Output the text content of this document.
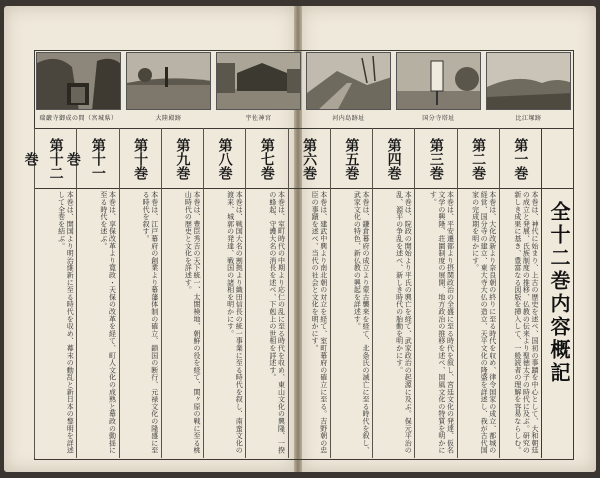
瑞巌寺御成の間（宮城県）	大陸殿跡	宇佐神宮	河内島跡址	国分寺塔址	比江塚跡
全十二巻内容概記
第一巻
本巻は、神代に始まり、上古の歴史を述べ、国初の事蹟を中心として、大和朝廷の成立と発展、氏族制度の推移、仏教の伝来より聖徳太子の時代に及ぶ。研究の新しき成果に基き、豊富なる図版を挿入して、一般読者の理解を容易ならしむ。
第二巻
本巻は、大化改新より奈良朝の終りに至る時代を収め、律令国家の成立、都城の経営、国分寺の建立、東大寺大仏の造立、天平文化の隆盛を詳述し、我が古代国家の完成期を明かにす。
第三巻
本巻は、平安遷都より摂関政治の全盛に至る時代を叙し、宮廷文化の発達、仮名文学の興隆、荘園制度の展開、地方政治の推移を述べ、国風文化の特質を明かにす。
第四巻
本巻は、院政の開始より平氏の興亡を経て、武家政治の起源に及ぶ。保元平治の乱、源平の争乱を述べ、新しき時代の胎動を明かにす。
第五巻
本巻は、鎌倉幕府の成立より蒙古襲来を経て、北条氏の滅亡に至る時代を叙し、武家文化の特色、新仏教の興起を詳述す。
第六巻
本巻は、建武中興より南北朝の対立を経て、室町幕府の確立に至る。吉野朝の忠臣の事蹟を述べ、当代の社会と文化を明かにす。
第七巻
本巻は、室町時代の中期より応仁の乱に至る時代を収め、東山文化の興隆、一揆の蜂起、守護大名の消長を述べ、下剋上の世相を詳述す。
第八巻
本巻は、戦国大名の割拠より織田信長の統一事業に至る時代を叙し、南蛮文化の渡来、城郭の発達、戦国の諸相を明かにす。
第九巻
本巻は、豊臣秀吉の天下統一、太閤検地、朝鮮の役を経て、関ヶ原の戦に至る桃山時代の歴史と文化を詳述す。
第十巻
本巻は、江戸幕府の創業より幕藩体制の確立、鎖国の断行、元禄文化の隆盛に至る時代を叙す。
第十一巻
本巻は、享保改革より寛政・天保の改革を経て、町人文化の成熟と幕政の動揺に至る時代を述ぶ。
第十二巻
本巻は、開国より明治維新に至る時代を収め、幕末の動乱と新日本の黎明を詳述して全巻を結ぶ。
